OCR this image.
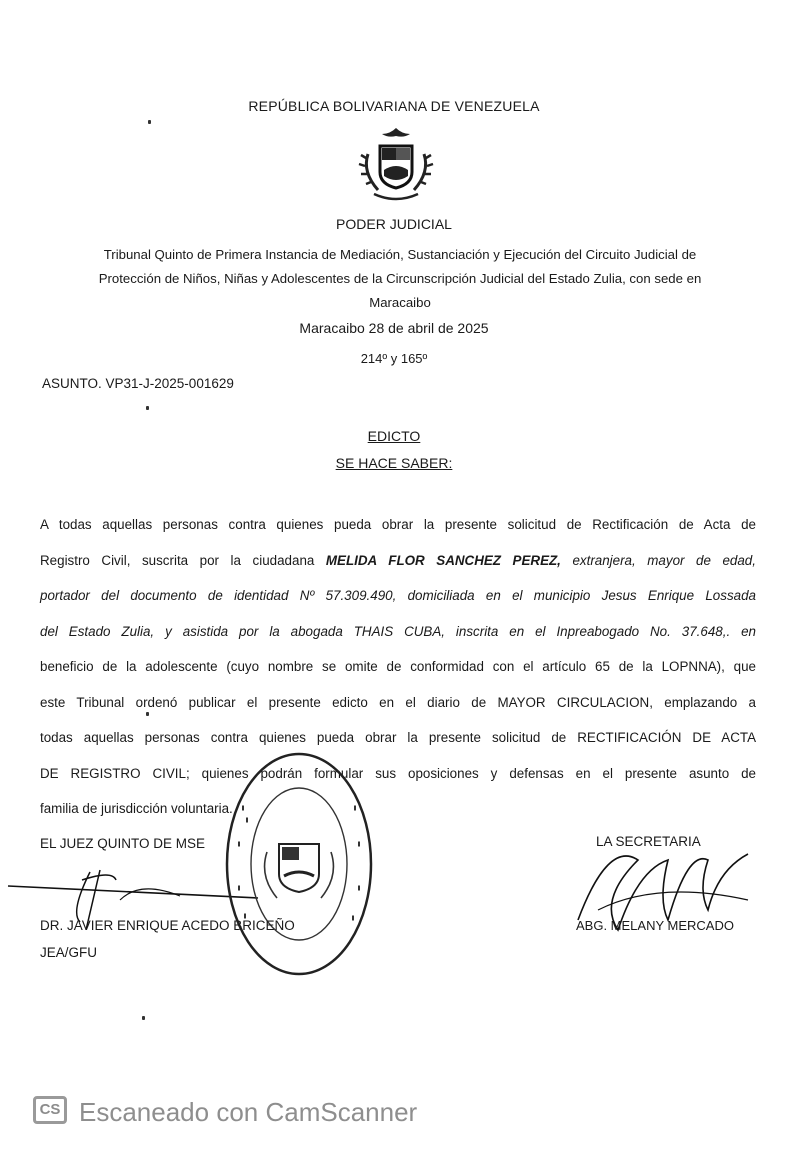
REPÚBLICA BOLIVARIANA DE VENEZUELA
PODER JUDICIAL
Tribunal Quinto de Primera Instancia de Mediación, Sustanciación y Ejecución del Circuito Judicial de
Protección de Niños, Niñas y Adolescentes de la Circunscripción Judicial del Estado Zulia, con sede en
Maracaibo
Maracaibo 28 de abril de 2025
214º y 165º
ASUNTO. VP31-J-2025-001629
EDICTO
SE HACE SABER:
A todas aquellas personas contra quienes pueda obrar la presente solicitud de Rectificación de Acta de
Registro Civil, suscrita por la ciudadana MELIDA FLOR SANCHEZ PEREZ, extranjera, mayor de edad,
portador del documento de identidad Nº 57.309.490, domiciliada en el municipio Jesus Enrique Lossada
del Estado Zulia, y asistida por la abogada THAIS CUBA, inscrita en el Inpreabogado No. 37.648,. en
beneficio de la adolescente (cuyo nombre se omite de conformidad con el artículo 65 de la LOPNNA), que
este Tribunal ordenó publicar el presente edicto en el diario de MAYOR CIRCULACION, emplazando a
todas aquellas personas contra quienes pueda obrar la presente solicitud de RECTIFICACIÓN DE ACTA
DE REGISTRO CIVIL; quienes podrán formular sus oposiciones y defensas en el presente asunto de
familia de jurisdicción voluntaria.
EL JUEZ QUINTO DE MSE	LA SECRETARIA
DR. JAVIER ENRIQUE ACEDO BRICEÑO	ABG. MELANY MERCADO
JEA/GFU
CS Escaneado con CamScanner
